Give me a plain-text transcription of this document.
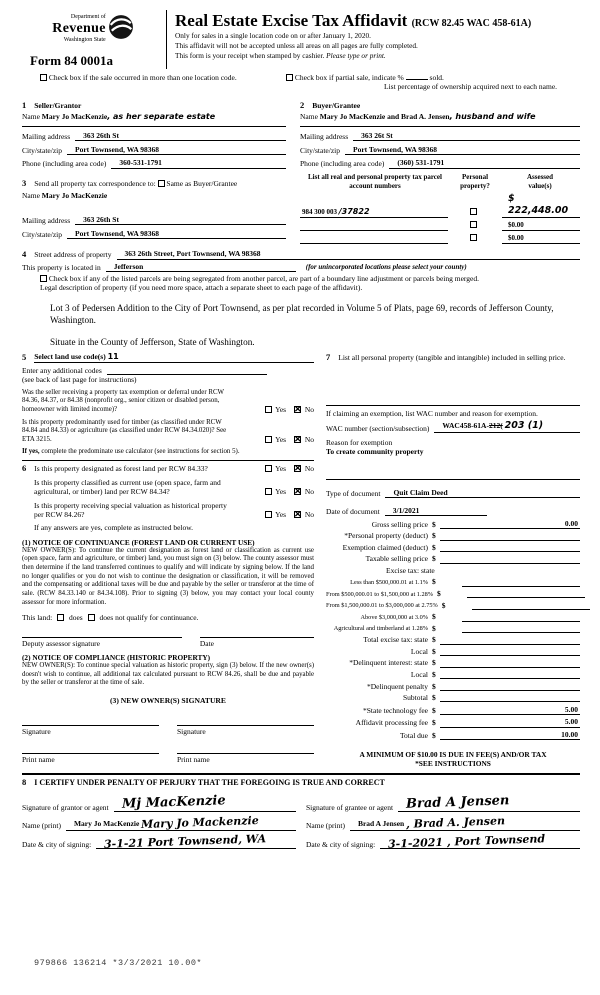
Department of
Revenue
Washington State
Form 84 0001a
Real Estate Excise Tax Affidavit (RCW 82.45 WAC 458-61A)
Only for sales in a single location code on or after January 1, 2020.
This affidavit will not be accepted unless all areas on all pages are fully completed.
This form is your receipt when stamped by cashier. Please type or print.
Check box if the sale occurred in more than one location code.	Check box if partial sale, indicate %	sold.
List percentage of ownership acquired next to each name.
1 Seller/Grantor
Name Mary Jo MacKenzie, as her separate estate
Mailing address	363 26th St
City/state/zip	Port Townsend, WA 98368
Phone (including area code)	360-531-1791
3 Send all property tax correspondence to: Same as Buyer/Grantee
Name Mary Jo MacKenzie
Mailing address	363 26th St
City/state/zip	Port Townsend, WA 98368
2 Buyer/Grantee
Name Mary Jo MacKenzie and Brad A. Jensen, husband and wife
Mailing address	363 26t St
City/state/zip	Port Townsend, WA 98368
Phone (including area code)	(360) 531-1791
List all real and personal property tax parcel account numbers
Personal
property?
Assessed
value(s)
984 300 003 /37822
$ 222,448.00
$0.00
$0.00
4	Street address of property	363 26th Street, Port Townsend, WA 98368
This property is located in	Jefferson	(for unincorporated locations please select your county)
Check box if any of the listed parcels are being segregated from another parcel, are part of a boundary line adjustment or parcels being merged.
Legal description of property (if you need more space, attach a separate sheet to each page of the affidavit).
Lot 3 of Pedersen Addition to the City of Port Townsend, as per plat recorded in Volume 5 of Plats, page 69, records of Jefferson County, Washington.
Situate in the County of Jefferson, State of Washington.
5	Select land use code(s) 11
Enter any additional codes
(see back of last page for instructions)
Was the seller receiving a property tax exemption or deferral under RCW 84.36, 84.37, or 84.38 (nonprofit org., senior citizen or disabled person, homeowner with limited income)?	Yes ✕	No
Is this property predominantly used for timber (as classified under RCW 84.84 and 84.33) or agriculture (as classified under RCW 84.34.020)? See ETA 3215.	Yes ✕	No
If yes, complete the predominate use calculator (see instructions for section 5).
6 Is this property designated as forest land per RCW 84.33?	Yes ✕	No
Is this property classified as current use (open space, farm and agricultural, or timber) land per RCW 84.34?	Yes ✕	No
Is this property receiving special valuation as historical property per RCW 84.26?	Yes ✕	No
If any answers are yes, complete as instructed below.
(1) NOTICE OF CONTINUANCE (FOREST LAND OR CURRENT USE)
NEW OWNER(S): To continue the current designation as forest land or classification as current use (open space, farm and agriculture, or timber) land, you must sign on (3) below. The county assessor must then determine if the land transferred continues to qualify and will indicate by signing below. If the land no longer qualifies or you do not wish to continue the designation or classification, it will be removed and the compensating or additional taxes will be due and payable by the seller or transferor at the time of sale. (RCW 84.33.140 or 84.34.108). Prior to signing (3) below, you may contact your local county assessor for more information.
This land: does does not qualify for continuance.
Deputy assessor signature	Date
(2) NOTICE OF COMPLIANCE (HISTORIC PROPERTY)
NEW OWNER(S): To continue special valuation as historic property, sign (3) below. If the new owner(s) doesn't wish to continue, all additional tax calculated pursuant to RCW 84.26, shall be due and payable by the seller or transferor at the time of sale.
(3) NEW OWNER(S) SIGNATURE
Signature	Signature
Print name	Print name
7 List all personal property (tangible and intangible) included in selling price.
If claiming an exemption, list WAC number and reason for exemption.
WAC number (section/subsection)	WAC458-61A-212( 203 (1)
Reason for exemption
To create community property
Type of document	Quit Claim Deed
Date of document	3/1/2021
Gross selling price $	0.00
*Personal property (deduct) $
Exemption claimed (deduct) $
Taxable selling price $
Excise tax: state
Less than $500,000.01 at 1.1% $
From $500,000.01 to $1,500,000 at 1.28% $
From $1,500,000.01 to $3,000,000 at 2.75% $
Above $3,000,000 at 3.0% $
Agricultural and timberland at 1.28% $
Total excise tax: state $
Local $
*Delinquent interest: state $
Local $
*Delinquent penalty $
Subtotal $
*State technology fee $	5.00
Affidavit processing fee $	5.00
Total due $	10.00
A MINIMUM OF $10.00 IS DUE IN FEE(S) AND/OR TAX
*SEE INSTRUCTIONS
8 I CERTIFY UNDER PENALTY OF PERJURY THAT THE FOREGOING IS TRUE AND CORRECT
Signature of grantor or agent Mj MacKenzie
Name (print)	Mary Jo MacKenzie Mary Jo Mackenzie
Date & city of signing:	3-1-21 Port Townsend, WA
Signature of grantee or agent Brad A Jensen
Name (print)	Brad A Jensen , Brad A. Jensen
Date & city of signing:	3-1-2021 , Port Townsend
979866 136214 *3/3/2021 10.00*
